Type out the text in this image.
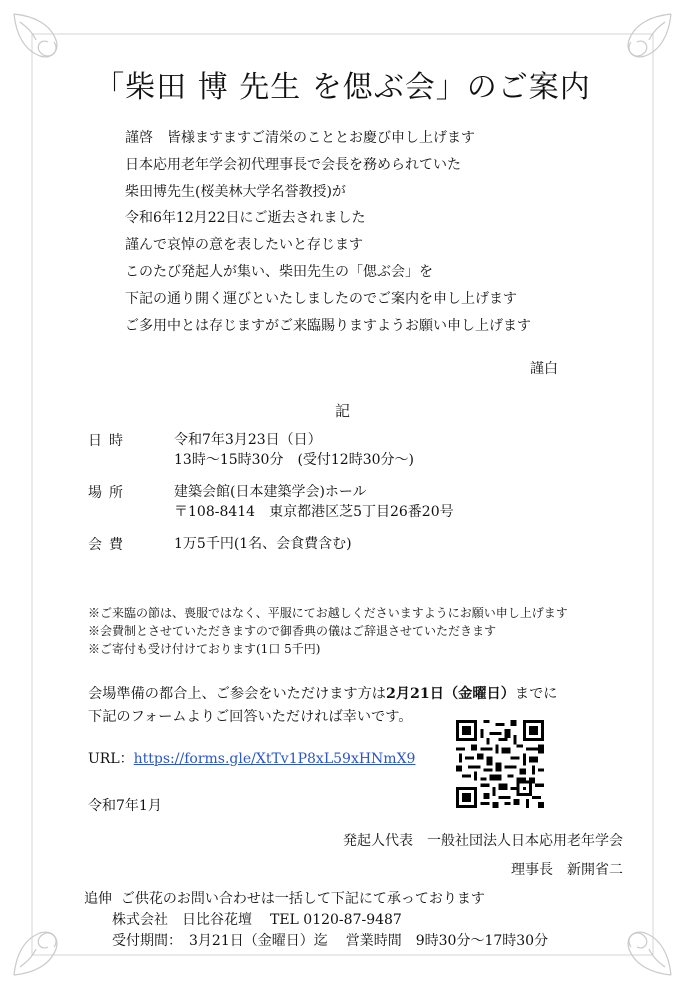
「柴田 博 先生 を偲ぶ会」のご案内
謹啓　皆様ますますご清栄のこととお慶び申し上げます
日本応用老年学会初代理事長で会長を務められていた
柴田博先生(桜美林大学名誉教授)が
令和6年12月22日にご逝去されました
謹んで哀悼の意を表したいと存じます
このたび発起人が集い、柴田先生の「偲ぶ会」を
下記の通り開く運びといたしましたのでご案内を申し上げます
ご多用中とは存じますがご来臨賜りますようお願い申し上げます
謹白
記
日時	令和7年3月23日（日）
13時～15時30分　(受付12時30分～)
場所	建築会館(日本建築学会)ホール
〒108-8414　東京都港区芝5丁目26番20号
会費	1万5千円(1名、会食費含む)
※ご来臨の節は、喪服ではなく、平服にてお越しくださいますようにお願い申し上げます
※会費制とさせていただきますので御香典の儀はご辞退させていただきます
※ご寄付も受け付けております(1口 5千円)
会場準備の都合上、ご参会をいただけます方は2月21日（金曜日）までに
下記のフォームよりご回答いただければ幸いです。
URL：https://forms.gle/XtTv1P8xL59xHNmX9
令和7年1月
発起人代表　一般社団法人日本応用老年学会
理事長　新開省二
追伸 ご供花のお問い合わせは一括して下記にて承っております
株式会社　日比谷花壇 TEL 0120-87-9487
受付期間：　3月21日（金曜日）迄 営業時間　9時30分～17時30分
